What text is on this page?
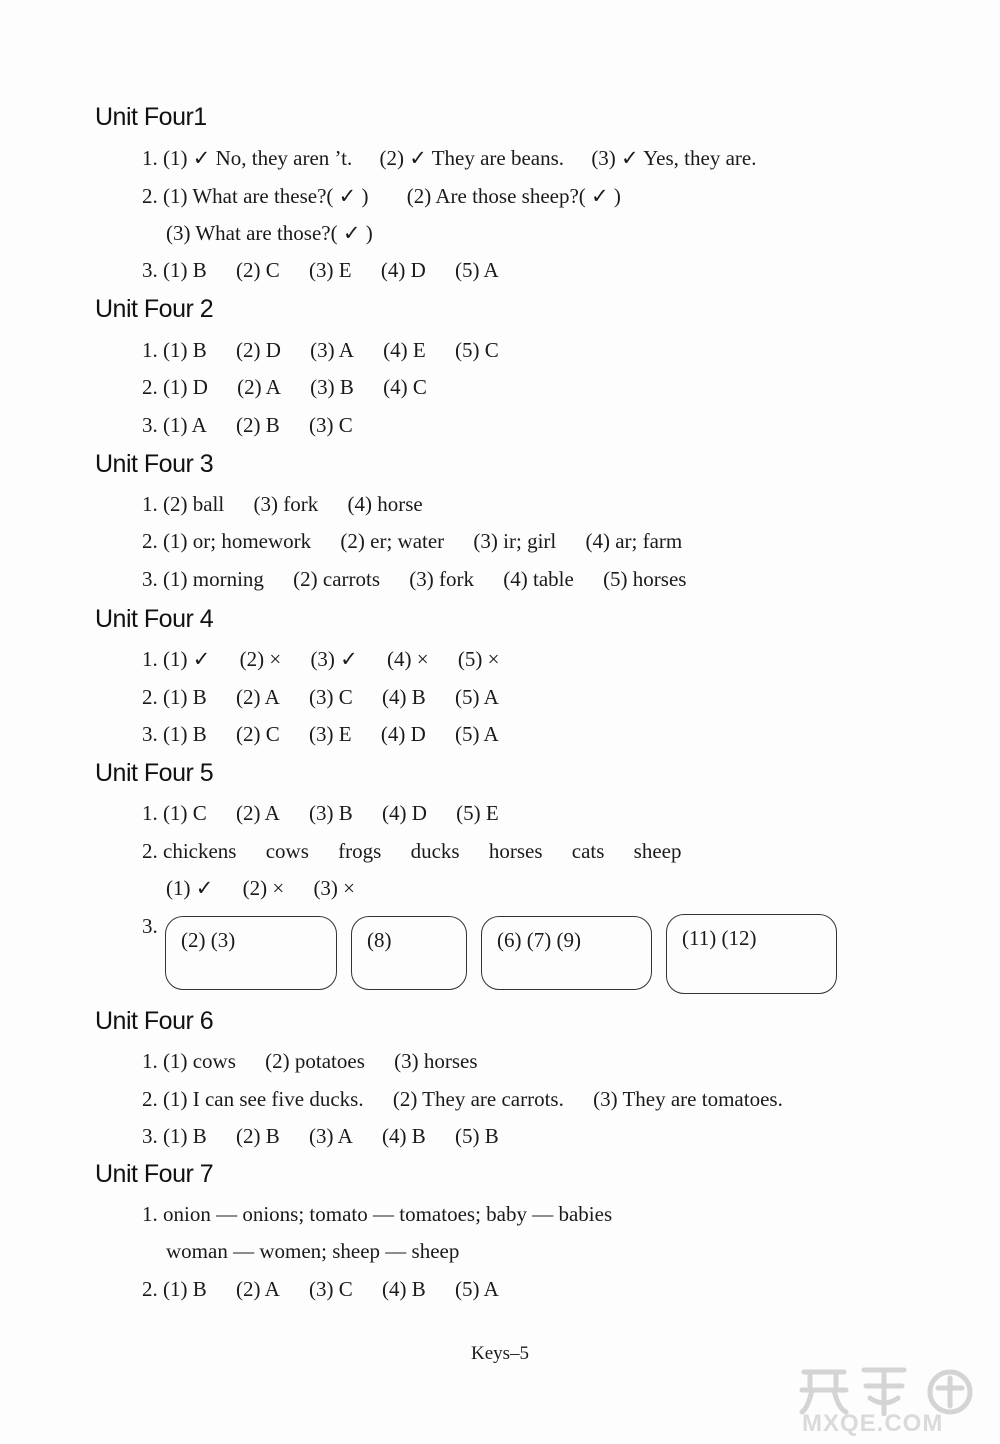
Unit Four1
1. (1) ✓ No, they aren ’t. (2) ✓ They are beans. (3) ✓ Yes, they are.
2. (1) What are these?( ✓ ) (2) Are those sheep?( ✓ )
(3) What are those?( ✓ )
3. (1) B (2) C (3) E (4) D (5) A
Unit Four 2
1. (1) B (2) D (3) A (4) E (5) C
2. (1) D (2) A (3) B (4) C
3. (1) A (2) B (3) C
Unit Four 3
1. (2) ball (3) fork (4) horse
2. (1) or; homework (2) er; water (3) ir; girl (4) ar; farm
3. (1) morning (2) carrots (3) fork (4) table (5) horses
Unit Four 4
1. (1) ✓ (2) × (3) ✓ (4) × (5) ×
2. (1) B (2) A (3) C (4) B (5) A
3. (1) B (2) C (3) E (4) D (5) A
Unit Four 5
1. (1) C (2) A (3) B (4) D (5) E
2. chickens cows frogs ducks horses cats sheep
(1) ✓ (2) × (3) ×
3.
(2) (3)	(8)	(6) (7) (9)	(11) (12)
Unit Four 6
1. (1) cows (2) potatoes (3) horses
2. (1) I can see five ducks. (2) They are carrots. (3) They are tomatoes.
3. (1) B (2) B (3) A (4) B (5) B
Unit Four 7
1. onion — onions; tomato — tomatoes; baby — babies
woman — women; sheep — sheep
2. (1) B (2) A (3) C (4) B (5) A
Keys–5
MXQE.COM
